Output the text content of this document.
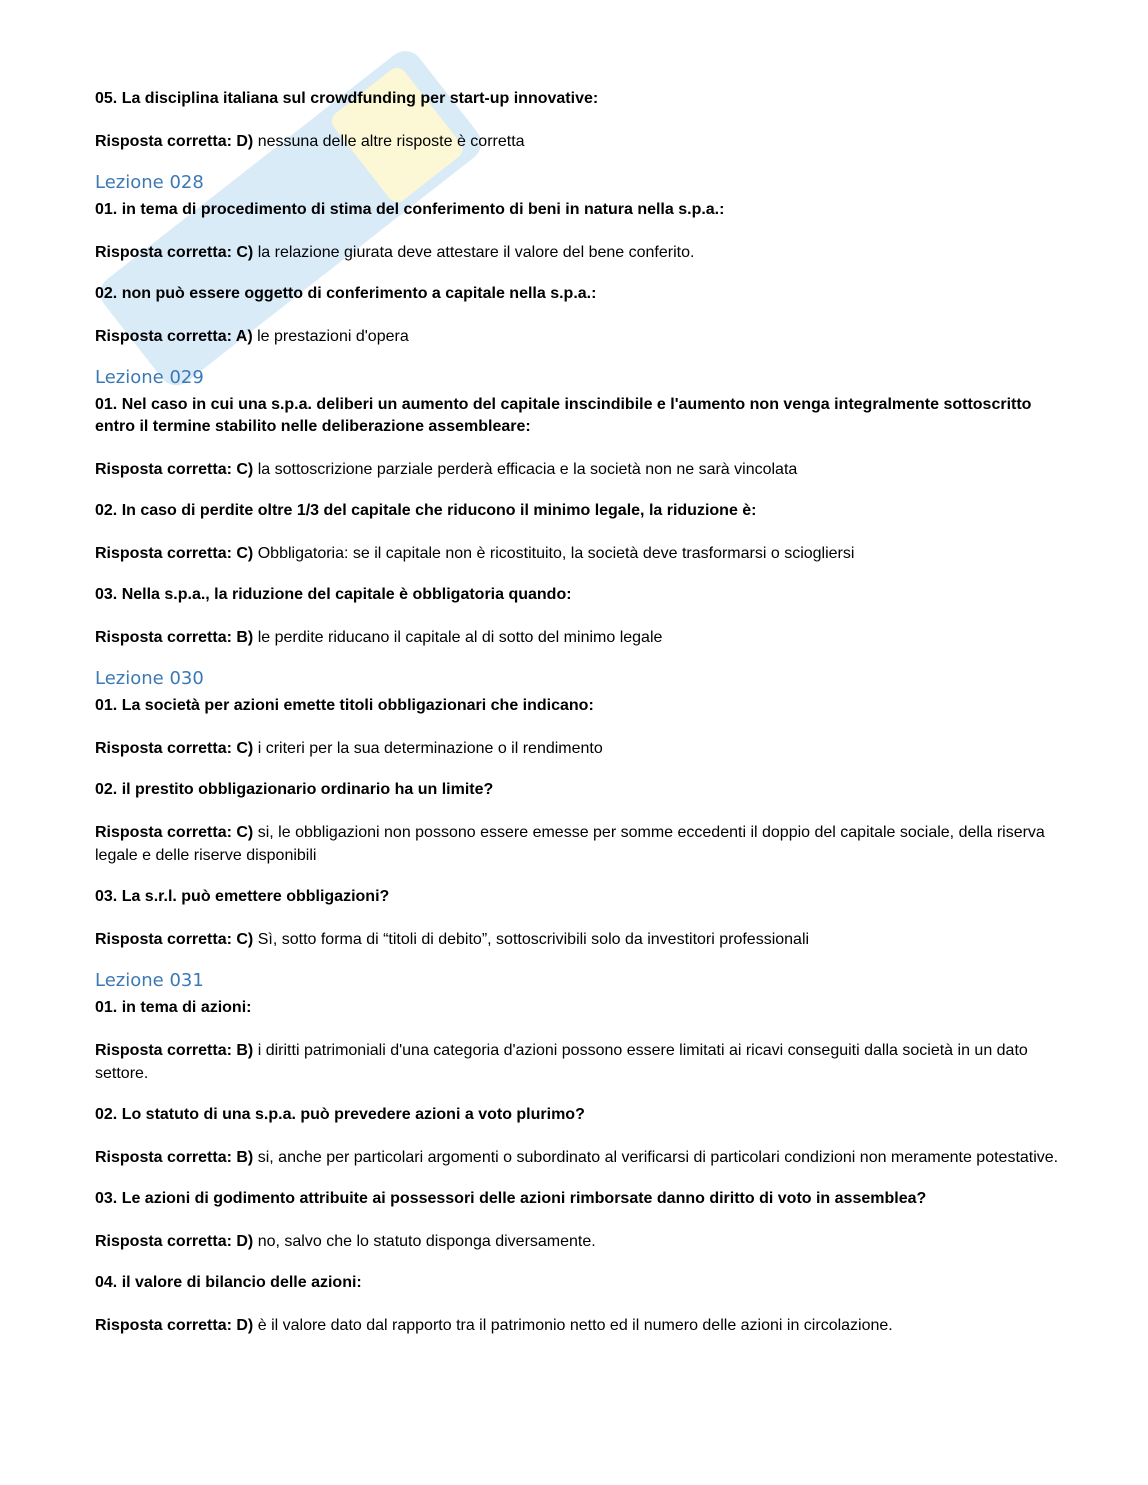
05. La disciplina italiana sul crowdfunding per start-up innovative:
Risposta corretta: D) nessuna delle altre risposte è corretta
Lezione 028
01. in tema di procedimento di stima del conferimento di beni in natura nella s.p.a.:
Risposta corretta: C) la relazione giurata deve attestare il valore del bene conferito.
02. non può essere oggetto di conferimento a capitale nella s.p.a.:
Risposta corretta: A) le prestazioni d'opera
Lezione 029
01. Nel caso in cui una s.p.a. deliberi un aumento del capitale inscindibile e l'aumento non venga integralmente sottoscritto entro il termine stabilito nelle deliberazione assembleare:
Risposta corretta: C) la sottoscrizione parziale perderà efficacia e la società non ne sarà vincolata
02. In caso di perdite oltre 1/3 del capitale che riducono il minimo legale, la riduzione è:
Risposta corretta: C) Obbligatoria: se il capitale non è ricostituito, la società deve trasformarsi o sciogliersi
03. Nella s.p.a., la riduzione del capitale è obbligatoria quando:
Risposta corretta: B) le perdite riducano il capitale al di sotto del minimo legale
Lezione 030
01. La società per azioni emette titoli obbligazionari che indicano:
Risposta corretta: C) i criteri per la sua determinazione o il rendimento
02. il prestito obbligazionario ordinario ha un limite?
Risposta corretta: C) si, le obbligazioni non possono essere emesse per somme eccedenti il doppio del capitale sociale, della riserva legale e delle riserve disponibili
03. La s.r.l. può emettere obbligazioni?
Risposta corretta: C) Sì, sotto forma di “titoli di debito”, sottoscrivibili solo da investitori professionali
Lezione 031
01. in tema di azioni:
Risposta corretta: B) i diritti patrimoniali d'una categoria d'azioni possono essere limitati ai ricavi conseguiti dalla società in un dato settore.
02. Lo statuto di una s.p.a. può prevedere azioni a voto plurimo?
Risposta corretta: B) si, anche per particolari argomenti o subordinato al verificarsi di particolari condizioni non meramente potestative.
03. Le azioni di godimento attribuite ai possessori delle azioni rimborsate danno diritto di voto in assemblea?
Risposta corretta: D) no, salvo che lo statuto disponga diversamente.
04. il valore di bilancio delle azioni:
Risposta corretta: D) è il valore dato dal rapporto tra il patrimonio netto ed il numero delle azioni in circolazione.
